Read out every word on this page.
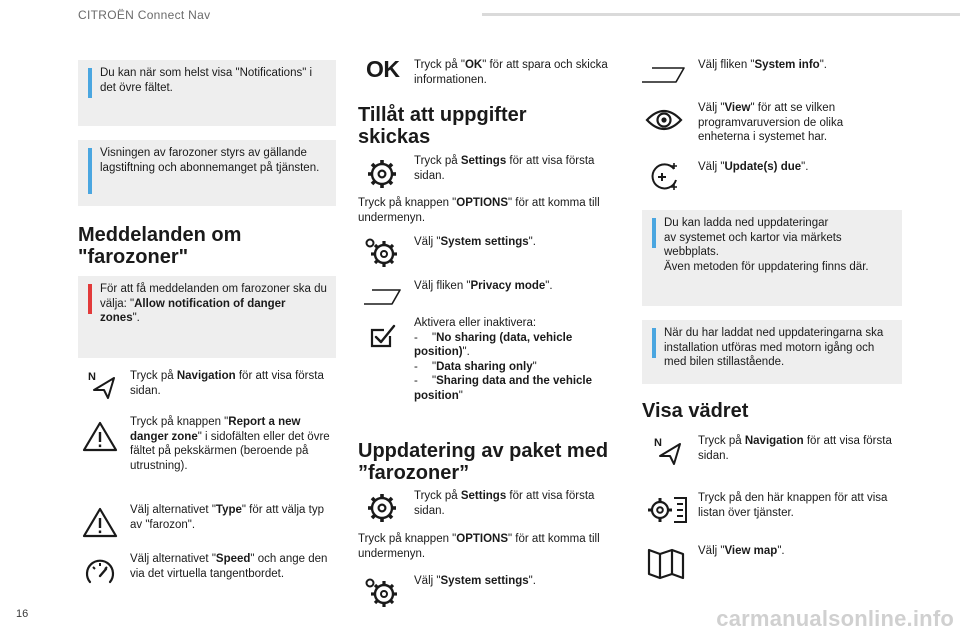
CITROËN Connect Nav
Du kan när som helst visa "Notifications" i det övre fältet.
Visningen av farozoner styrs av gällande lagstiftning och abonnemanget på tjänsten.
Meddelanden om "farozoner"
För att få meddelanden om farozoner ska du välja: "Allow notification of danger zones".
N	Tryck på Navigation för att visa första sidan.
Tryck på knappen "Report a new danger zone" i sidofälten eller det övre fältet på pekskärmen (beroende på utrustning).
Välj alternativet "Type" för att välja typ av "farozon".
Välj alternativet "Speed" och ange den via det virtuella tangentbordet.
OK Tryck på "OK" för att spara och skicka informationen.
Tillåt att uppgifter skickas
Tryck på Settings för att visa första sidan.
Tryck på knappen "OPTIONS" för att komma till undermenyn.
Välj "System settings".
Välj fliken "Privacy mode".
Aktivera eller inaktivera:
- "No sharing (data, vehicle position)".
- "Data sharing only"
- "Sharing data and the vehicle position"
Uppdatering av paket med ”farozoner”
Tryck på Settings för att visa första sidan.
Tryck på knappen "OPTIONS" för att komma till undermenyn.
Välj "System settings".
Välj fliken "System info".
Välj "View" för att se vilken programvaruversion de olika enheterna i systemet har.
Välj "Update(s) due".
Du kan ladda ned uppdateringar
av systemet och kartor via märkets webbplats.
Även metoden för uppdatering finns där.
När du har laddat ned uppdateringarna ska installation utföras med motorn igång och med bilen stillastående.
Visa vädret
N	Tryck på Navigation för att visa första sidan.
Tryck på den här knappen för att visa listan över tjänster.
Välj "View map".
16	carmanualsonline.info
